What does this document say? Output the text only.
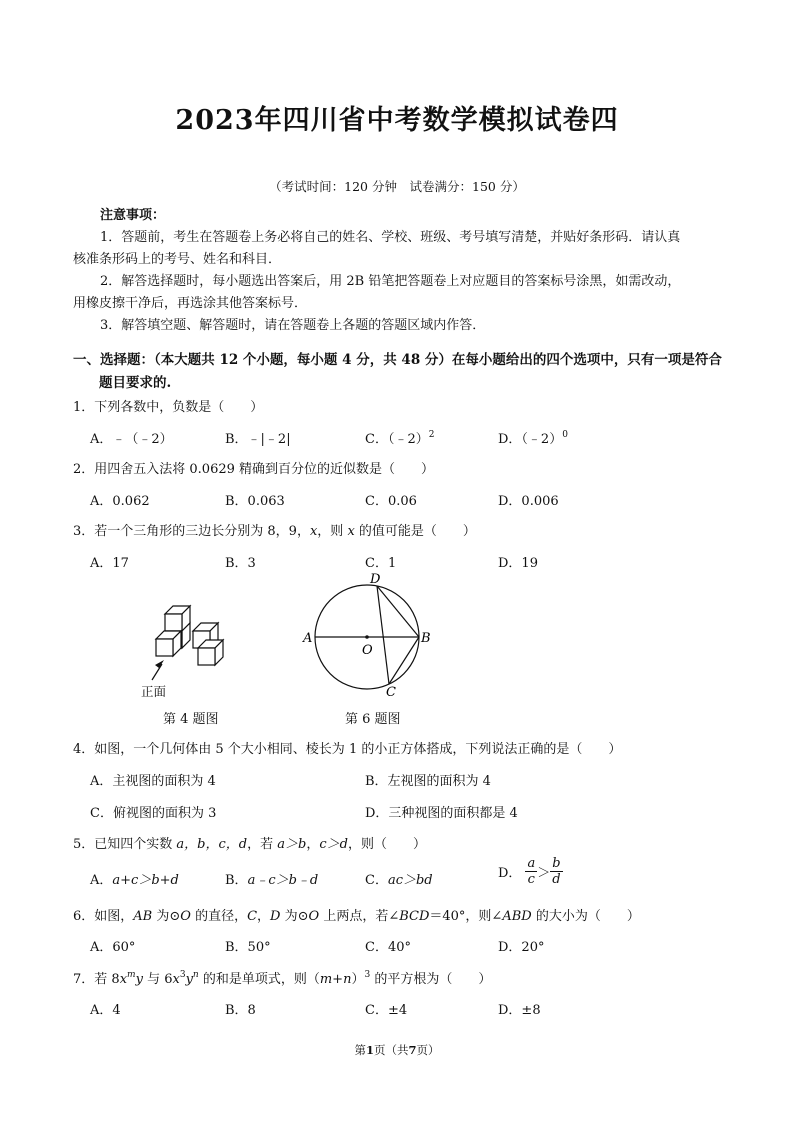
2023年四川省中考数学模拟试卷四
（考试时间：120 分钟　试卷满分：150 分）
注意事项：
1．答题前，考生在答题卷上务必将自己的姓名、学校、班级、考号填写清楚，并贴好条形码．请认真
核准条形码上的考号、姓名和科目．
2．解答选择题时，每小题选出答案后，用 2B 铅笔把答题卷上对应题目的答案标号涂黑，如需改动，
用橡皮擦干净后，再选涂其他答案标号．
3．解答填空题、解答题时，请在答题卷上各题的答题区域内作答．
一、选择题：（本大题共 12 个小题，每小题 4 分，共 48 分）在每小题给出的四个选项中，只有一项是符合
题目要求的.
1．下列各数中，负数是（　　）
A．﹣（﹣2）	B．﹣|﹣2|	C．（﹣2）$^2$	D．（﹣2）$^0$
2．用四舍五入法将 0.0629 精确到百分位的近似数是（　　）
A．0.062	B．0.063	C．0.06	D．0.006
3．若一个三角形的三边长分别为 8，9，x，则 x 的值可能是（　　）
A．17	B．3	C．1	D．19
正面
第 4 题图
A	B
D
C
O
第 6 题图
4．如图，一个几何体由 5 个大小相同、棱长为 1 的小正方体搭成，下列说法正确的是（　　）
A．主视图的面积为 4	B．左视图的面积为 4
C．俯视图的面积为 3	D．三种视图的面积都是 4
5．已知四个实数 a，b，c，d，若 a＞b，c＞d，则（　　）
A．a+c＞b+d	B．a﹣c＞b﹣d	C．ac＞bd	D． $\frac{a}{c} > \frac{b}{d}$
6．如图，AB 为⊙O 的直径，C，D 为⊙O 上两点，若∠BCD＝40°，则∠ABD 的大小为（　　）
A．60°	B．50°	C．40°	D．20°
7．若 $8x^my$ 与 $6x^3y^n$ 的和是单项式，则$(m+n)^3$ 的平方根为（　　）
A．4	B．8	C．±4	D．±8
第1页（共7页）
